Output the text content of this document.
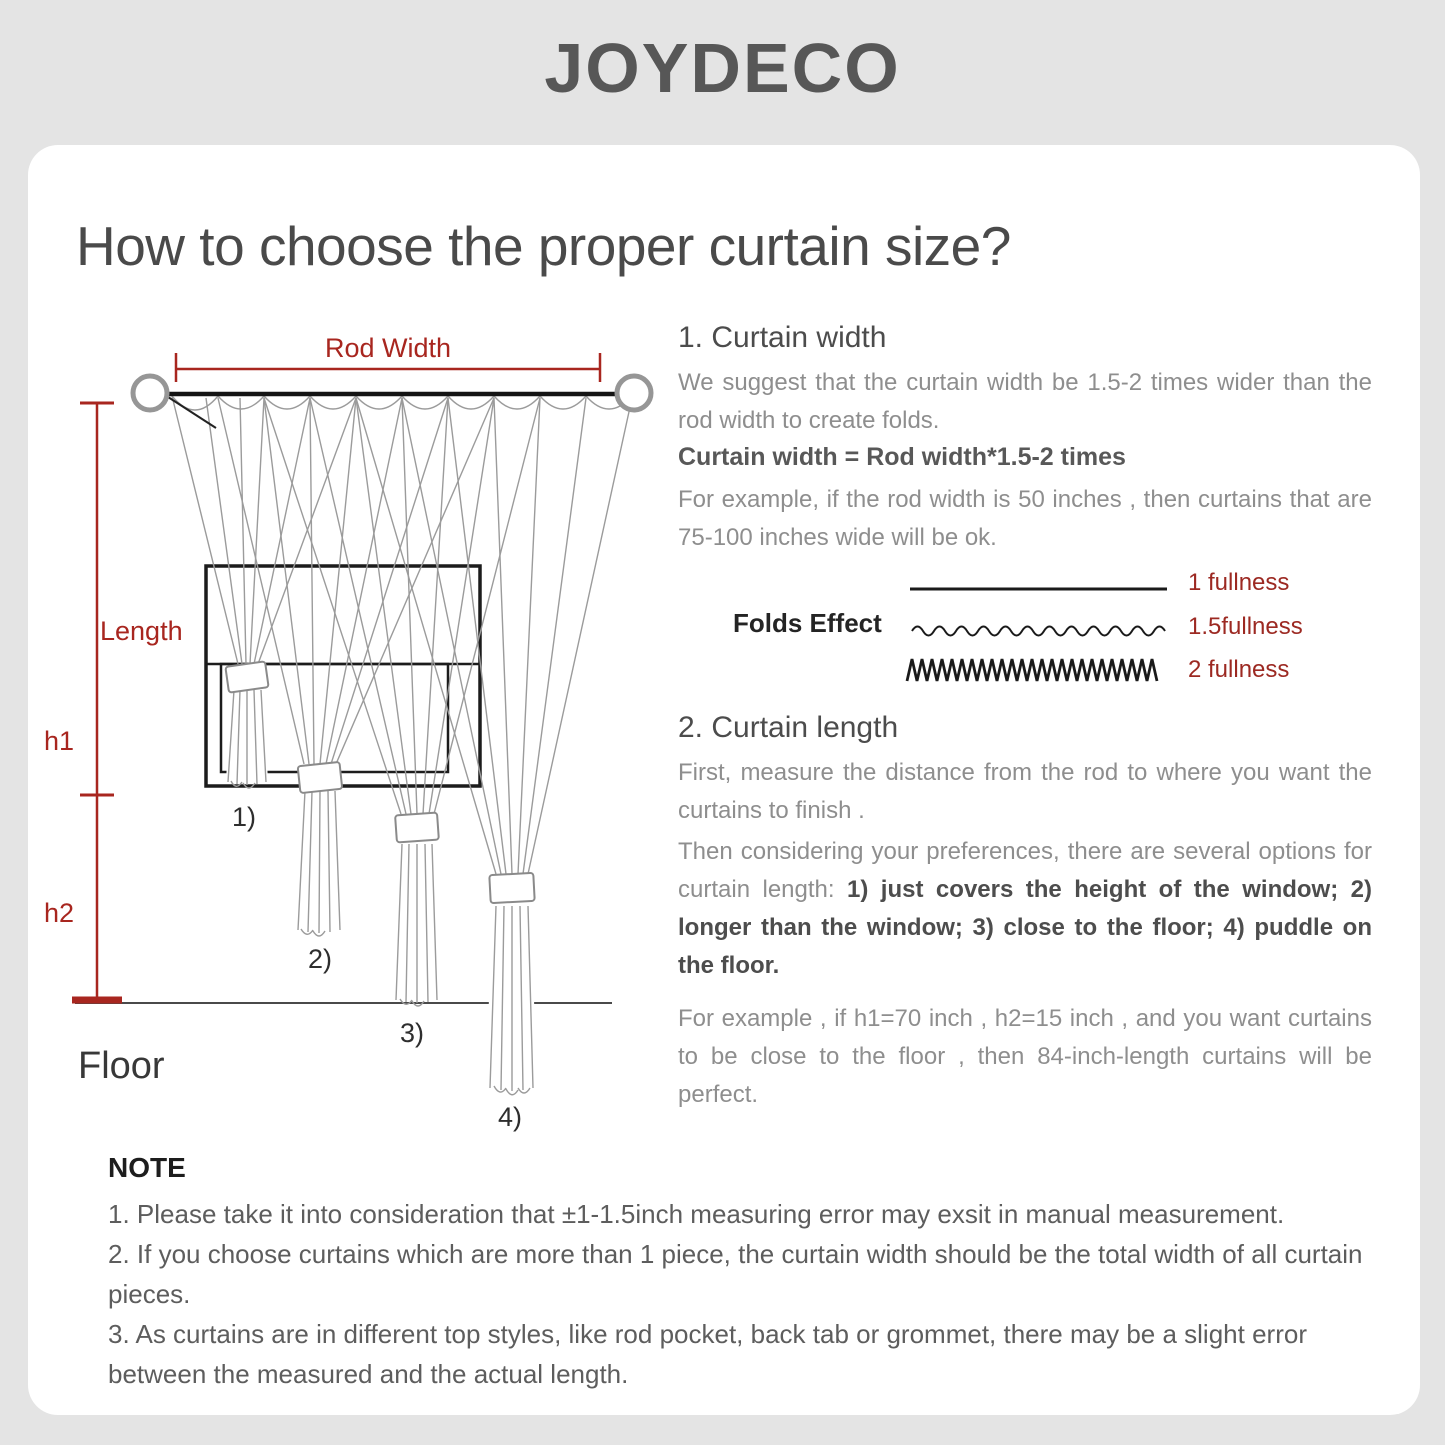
JOYDECO
How to choose the proper curtain size?
Rod Width
Length
h1
h2
Floor
1)
2)
3)
4)
1. Curtain width
We suggest that the curtain width be 1.5-2 times wider than the rod width to create folds.
Curtain width = Rod width*1.5-2 times
For example, if the rod width is 50 inches , then curtains that are 75-100 inches wide will be ok.
Folds Effect
1 fullness
1.5fullness
2 fullness
2. Curtain length
First, measure the distance from the rod to where you want the curtains to finish .
Then considering your preferences, there are several options for curtain length: 1) just covers the height of the window; 2) longer than the window; 3) close to the floor; 4) puddle on the floor.
For example , if h1=70 inch , h2=15 inch , and you want curtains to be close to the floor , then 84-inch-length curtains will be perfect.
NOTE
1. Please take it into consideration that ±1-1.5inch measuring error may exsit in manual measurement.
2. If you choose curtains which are more than 1 piece, the curtain width should be the total width of all curtain pieces.
3. As curtains are in different top styles, like rod pocket, back tab or grommet, there may be a slight error between the measured and the actual length.
